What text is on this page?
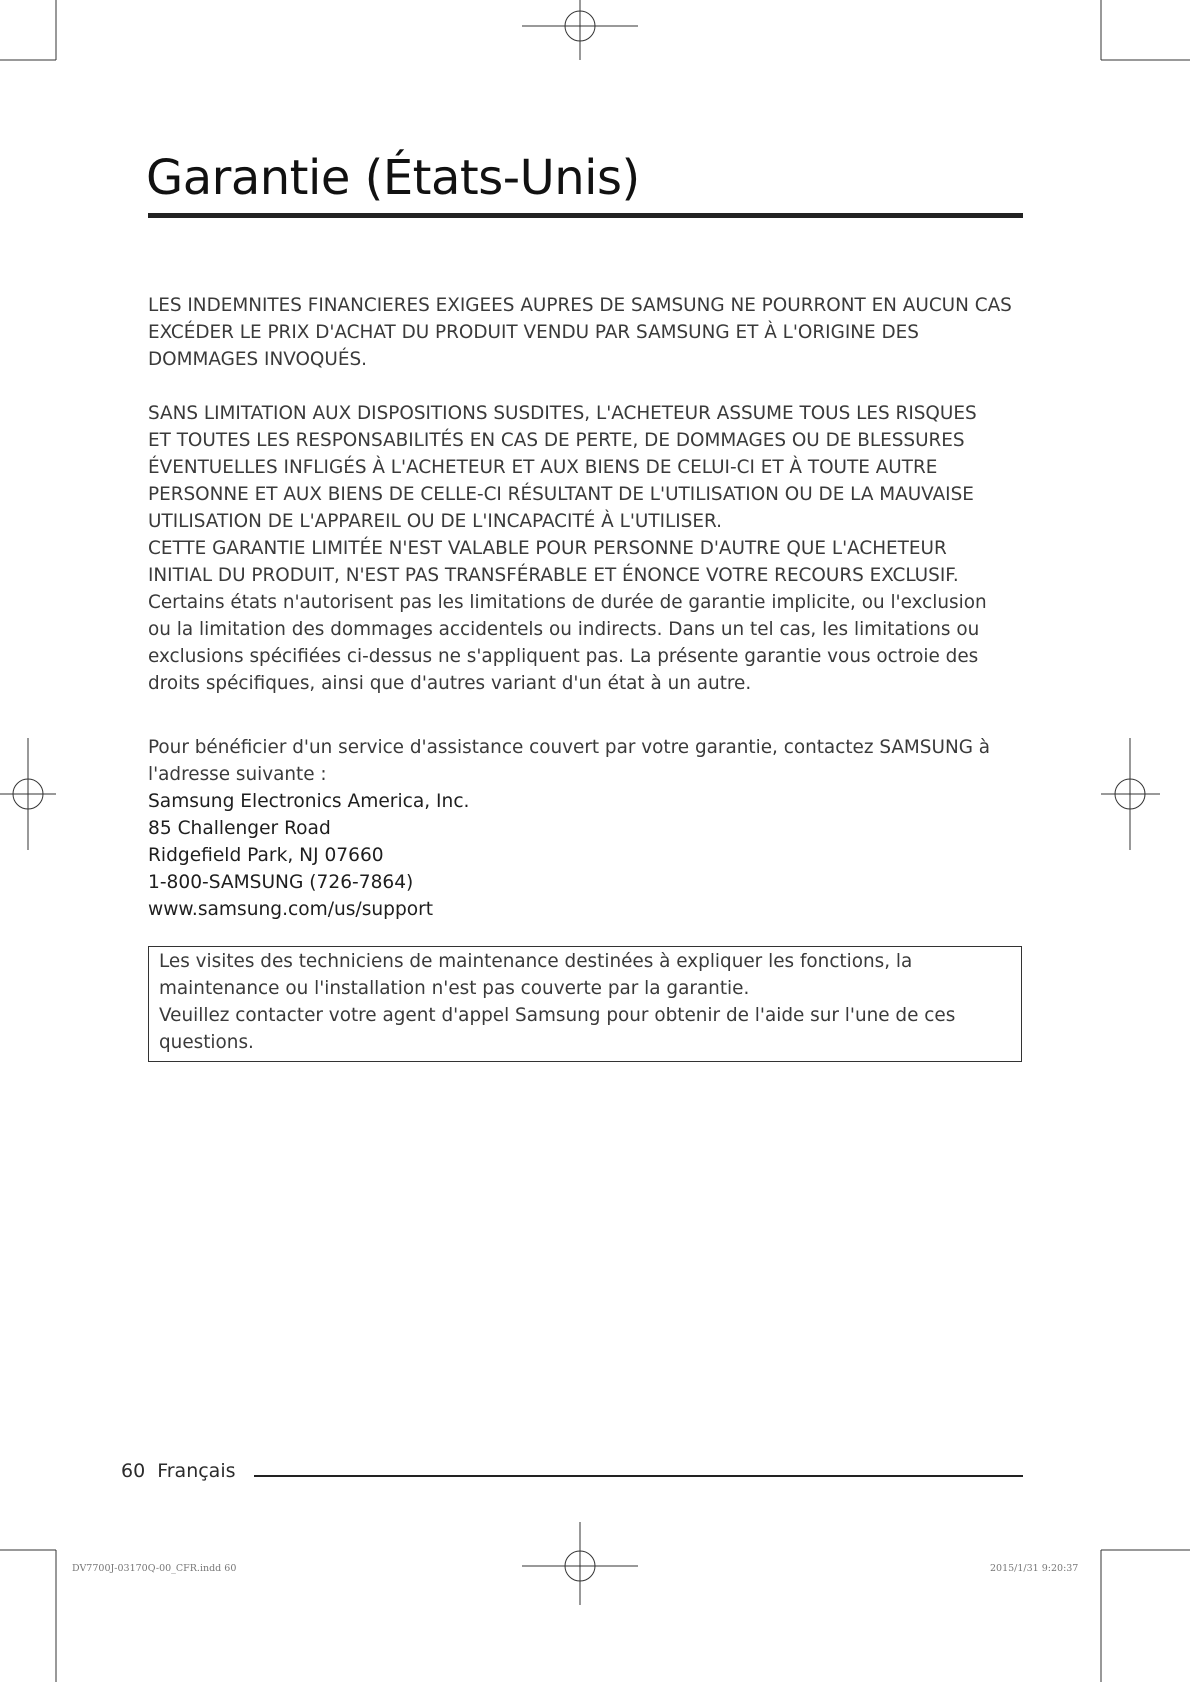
Garantie (États-Unis)

LES INDEMNITES FINANCIERES EXIGEES AUPRES DE SAMSUNG NE POURRONT EN AUCUN CAS EXCÉDER LE PRIX D'ACHAT DU PRODUIT VENDU PAR SAMSUNG ET À L'ORIGINE DES DOMMAGES INVOQUÉS.

SANS LIMITATION AUX DISPOSITIONS SUSDITES, L'ACHETEUR ASSUME TOUS LES RISQUES

ET TOUTES LES RESPONSABILITÉS EN CAS DE PERTE, DE DOMMAGES OU DE BLESSURES

ÉVENTUELLES INFLIGÉS À L'ACHETEUR ET AUX BIENS DE CELUI-CI ET À TOUTE AUTRE

PERSONNE ET AUX BIENS DE CELLE-CI RÉSULTANT DE L'UTILISATION OU DE LA MAUVAISE

UTILISATION DE L'APPAREIL OU DE L'INCAPACITÉ À L'UTILISER.

CETTE GARANTIE LIMITÉE N'EST VALABLE POUR PERSONNE D'AUTRE QUE L'ACHETEUR

INITIAL DU PRODUIT, N'EST PAS TRANSFÉRABLE ET ÉNONCE VOTRE RECOURS EXCLUSIF.

Certains états n'autorisent pas les limitations de durée de garantie implicite, ou l'exclusion

ou la limitation des dommages accidentels ou indirects. Dans un tel cas, les limitations ou

exclusions spécifiées ci-dessus ne s'appliquent pas. La présente garantie vous octroie des

droits spécifiques, ainsi que d'autres variant d'un état à un autre.

Pour bénéficier d'un service d'assistance couvert par votre garantie, contactez SAMSUNG à

l'adresse suivante :

Samsung Electronics America, Inc.

85 Challenger Road

Ridgefield Park, NJ 07660

1-800-SAMSUNG (726-7864)

www.samsung.com/us/support

Les visites des techniciens de maintenance destinées à expliquer les fonctions, la

maintenance ou l'installation n'est pas couverte par la garantie.

Veuillez contacter votre agent d'appel Samsung pour obtenir de l'aide sur l'une de ces

questions.

60 Français
DV7700J-03170Q-00_CFR.indd 60	2015/1/31 9:20:37
